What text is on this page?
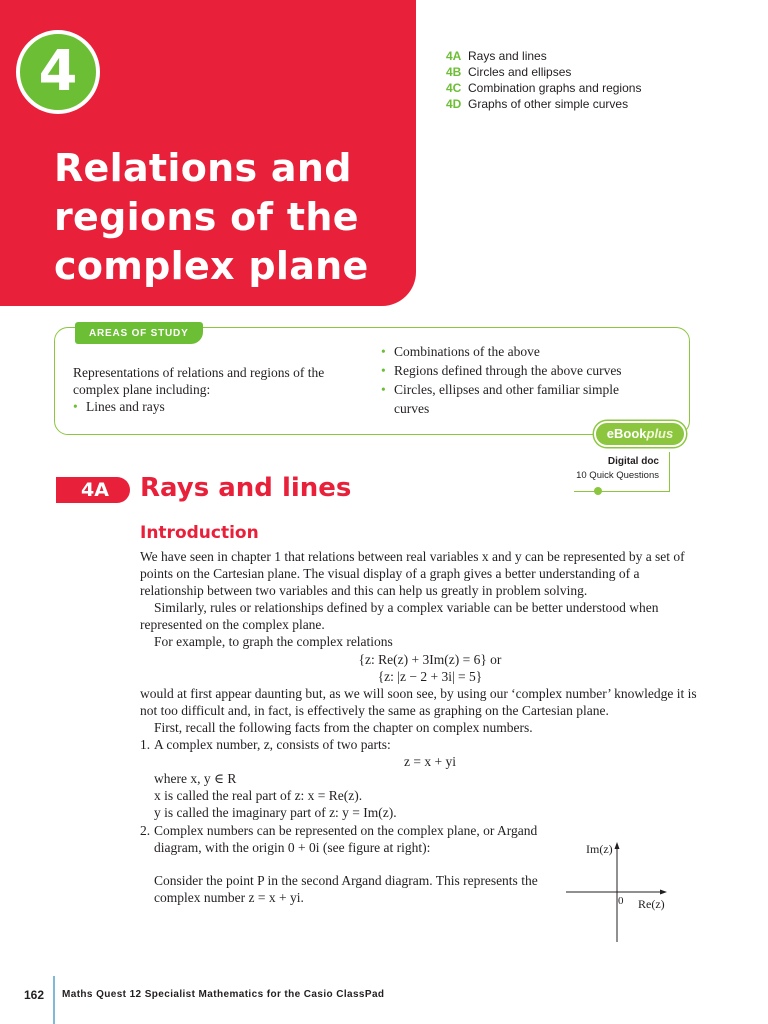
4
Relations and
regions of the
complex plane
4A Rays and lines
4B Circles and ellipses
4C Combination graphs and regions
4D Graphs of other simple curves
AREAS OF STUDY
Representations of relations and regions of the complex plane including:
• Lines and rays
• Combinations of the above
• Regions defined through the above curves
• Circles, ellipses and other familiar simple
curves
eBookplus
Digital doc
10 Quick Questions
4A	Rays and lines
Introduction
We have seen in chapter 1 that relations between real variables x and y can be represented by a set of points on the Cartesian plane. The visual display of a graph gives a better understanding of a relationship between two variables and this can help us greatly in problem solving.
Similarly, rules or relationships defined by a complex variable can be better understood when represented on the complex plane.
For example, to graph the complex relations
{z: Re(z) + 3Im(z) = 6} or
{z: |z − 2 + 3i| = 5}
would at first appear daunting but, as we will soon see, by using our ‘complex number’ knowledge it is not too difficult and, in fact, is effectively the same as graphing on the Cartesian plane.
First, recall the following facts from the chapter on complex numbers.
1. A complex number, z, consists of two parts:
z = x + yi
where x, y ∈ R
x is called the real part of z: x = Re(z).
y is called the imaginary part of z: y = Im(z).
2. Complex numbers can be represented on the complex plane, or Argand diagram, with the origin 0 + 0i (see figure at right):
Consider the point P in the second Argand diagram. This represents the complex number z = x + yi.
Im(z)
Re(z)
0
162 Maths Quest 12 Specialist Mathematics for the Casio ClassPad
